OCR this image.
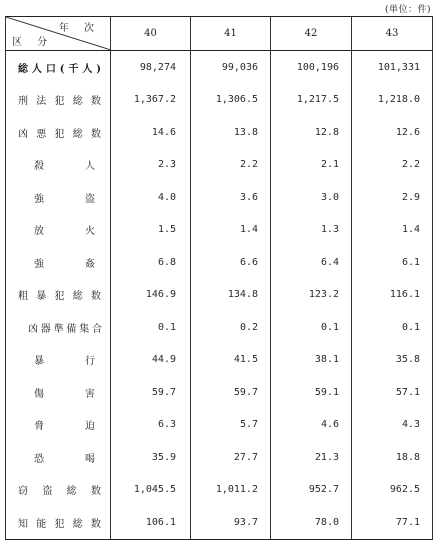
(単位：件)
年 次
区 分	40	41	42	43
総人口(千人)	98,274	99,036	100,196	101,331
刑法犯総数	1,367.2	1,306.5	1,217.5	1,218.0
凶悪犯総数	14.6	13.8	12.8	12.6
殺人	2.3	2.2	2.1	2.2
強盗	4.0	3.6	3.0	2.9
放火	1.5	1.4	1.3	1.4
強姦	6.8	6.6	6.4	6.1
粗暴犯総数	146.9	134.8	123.2	116.1
凶器準備集合	0.1	0.2	0.1	0.1
暴行	44.9	41.5	38.1	35.8
傷害	59.7	59.7	59.1	57.1
脅迫	6.3	5.7	4.6	4.3
恐喝	35.9	27.7	21.3	18.8
窃盗総数	1,045.5	1,011.2	952.7	962.5
知能犯総数	106.1	93.7	78.0	77.1
